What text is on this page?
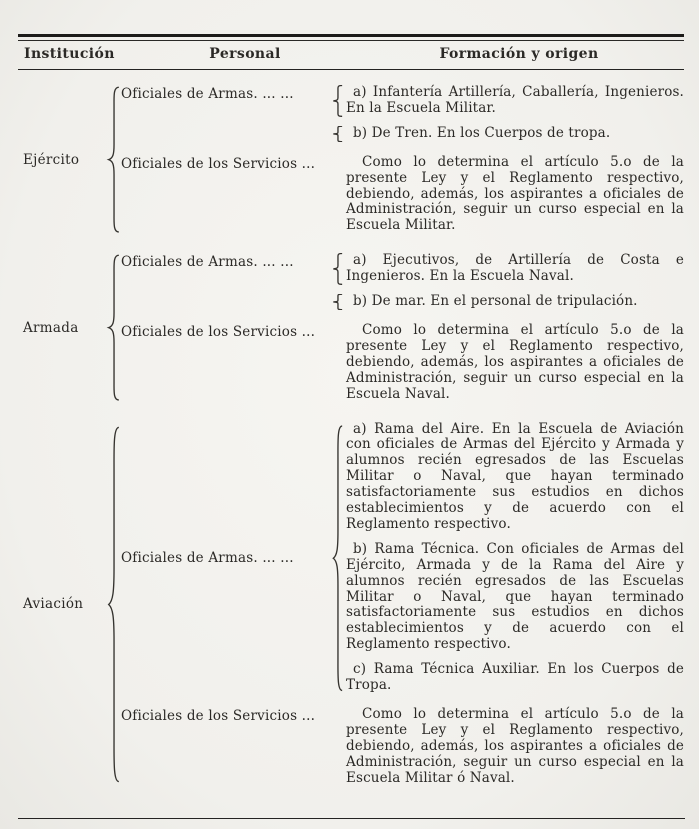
Institución	Personal	Formación y origen
Ejército
Oficiales de Armas. ... ...	a) Infantería Artillería, Caballería, Ingenieros. En la Escuela Militar.

b) De Tren. En los Cuerpos de tropa.

Oficiales de los Servicios ...	Como lo determina el artículo 5.o de la presente Ley y el Reglamento respectivo, debiendo, además, los aspirantes a oficiales de Administración, seguir un curso especial en la Escuela Militar.

Armada
Oficiales de Armas. ... ...	a) Ejecutivos, de Artillería de Costa e Ingenieros. En la Escuela Naval.

b) De mar. En el personal de tripulación.

Oficiales de los Servicios ...	Como lo determina el artículo 5.o de la presente Ley y el Reglamento respectivo, debiendo, además, los aspirantes a oficiales de Administración, seguir un curso especial en la Escuela Naval.

Aviación
Oficiales de Armas. ... ...

a) Rama del Aire. En la Escuela de Aviación con oficiales de Armas del Ejército y Armada y alumnos recién egresados de las Escuelas Militar o Naval, que hayan terminado satisfactoriamente sus estudios en dichos establecimientos y de acuerdo con el Reglamento respectivo.

b) Rama Técnica. Con oficiales de Armas del Ejército, Armada y de la Rama del Aire y alumnos recién egresados de las Escuelas Militar o Naval, que hayan terminado satisfactoriamente sus estudios en dichos establecimientos y de acuerdo con el Reglamento respectivo.

c) Rama Técnica Auxiliar. En los Cuerpos de Tropa.

Oficiales de los Servicios ...	Como lo determina el artículo 5.o de la presente Ley y el Reglamento respectivo, debiendo, además, los aspirantes a oficiales de Administración, seguir un curso especial en la Escuela Militar ó Naval.
